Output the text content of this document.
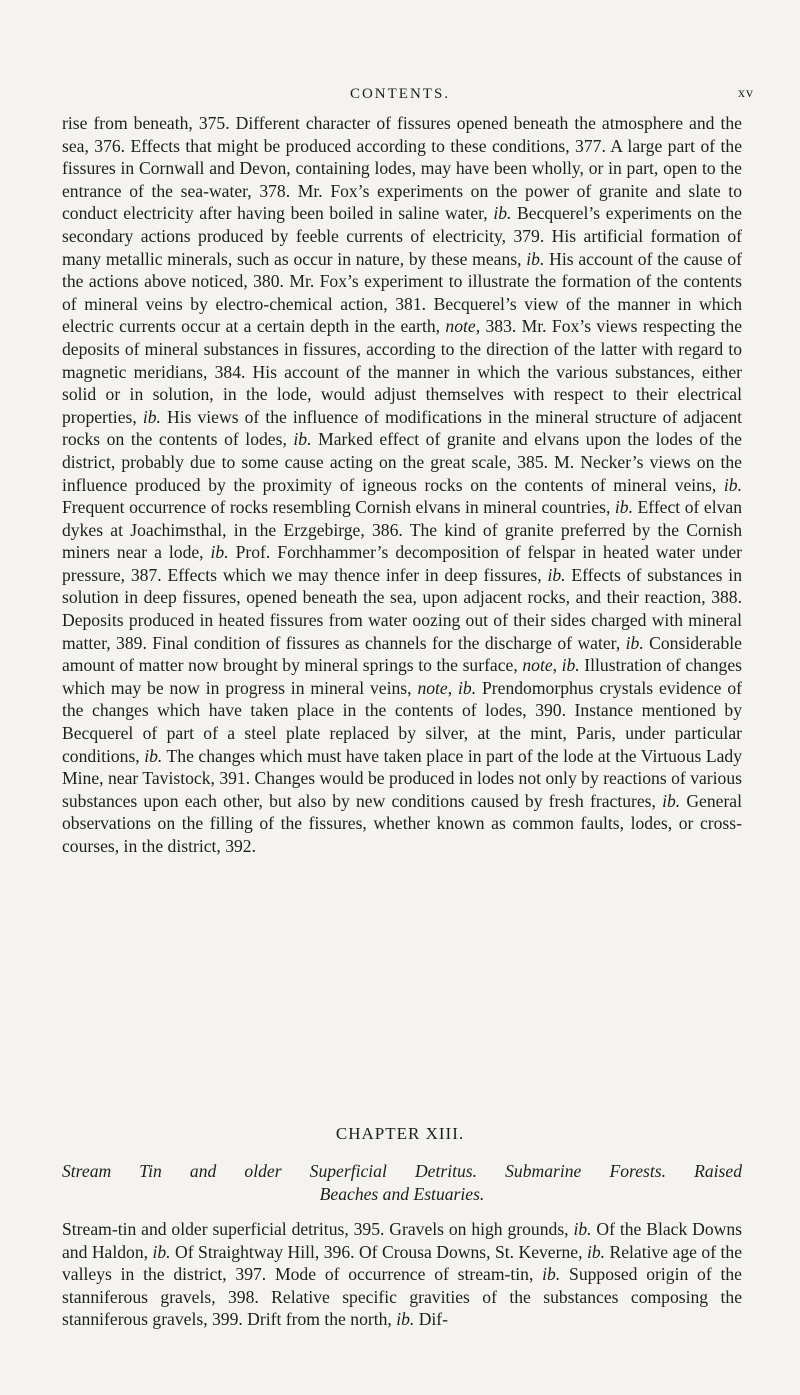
CONTENTS.	xv

rise from beneath, 375. Different character of fissures opened beneath the atmosphere and the sea, 376. Effects that might be produced according to these conditions, 377. A large part of the fissures in Cornwall and Devon, containing lodes, may have been wholly, or in part, open to the entrance of the sea-water, 378. Mr. Fox’s experiments on the power of granite and slate to conduct electricity after having been boiled in saline water, ib. Becquerel’s experiments on the secondary actions produced by feeble currents of electricity, 379. His artificial formation of many metallic minerals, such as occur in nature, by these means, ib. His account of the cause of the actions above noticed, 380. Mr. Fox’s experiment to illustrate the formation of the contents of mineral veins by electro-chemical action, 381. Becquerel’s view of the manner in which electric currents occur at a certain depth in the earth, note, 383. Mr. Fox’s views respecting the deposits of mineral substances in fissures, according to the direction of the latter with regard to magnetic meridians, 384. His account of the manner in which the various substances, either solid or in solution, in the lode, would adjust themselves with respect to their electrical properties, ib. His views of the influence of modifications in the mineral structure of adjacent rocks on the contents of lodes, ib. Marked effect of granite and elvans upon the lodes of the district, probably due to some cause acting on the great scale, 385. M. Necker’s views on the influence produced by the proximity of igneous rocks on the contents of mineral veins, ib. Frequent occurrence of rocks resembling Cornish elvans in mineral countries, ib. Effect of elvan dykes at Joachimsthal, in the Erzgebirge, 386. The kind of granite preferred by the Cornish miners near a lode, ib. Prof. Forchhammer’s decomposition of felspar in heated water under pressure, 387. Effects which we may thence infer in deep fissures, ib. Effects of substances in solution in deep fissures, opened beneath the sea, upon adjacent rocks, and their reaction, 388. Deposits produced in heated fissures from water oozing out of their sides charged with mineral matter, 389. Final condition of fissures as channels for the discharge of water, ib. Considerable amount of matter now brought by mineral springs to the surface, note, ib. Illustration of changes which may be now in progress in mineral veins, note, ib. Prendomorphus crystals evidence of the changes which have taken place in the contents of lodes, 390. Instance mentioned by Becquerel of part of a steel plate replaced by silver, at the mint, Paris, under particular conditions, ib. The changes which must have taken place in part of the lode at the Virtuous Lady Mine, near Tavistock, 391. Changes would be produced in lodes not only by reactions of various substances upon each other, but also by new conditions caused by fresh fractures, ib. General observations on the filling of the fissures, whether known as common faults, lodes, or cross-courses, in the district, 392.

CHAPTER XIII.

Stream Tin and older Superficial Detritus. Submarine Forests. Raised
Beaches and Estuaries.

Stream-tin and older superficial detritus, 395. Gravels on high grounds, ib. Of the Black Downs and Haldon, ib. Of Straightway Hill, 396. Of Crousa Downs, St. Keverne, ib. Relative age of the valleys in the district, 397. Mode of occurrence of stream-tin, ib. Supposed origin of the stanniferous gravels, 398. Relative specific gravities of the substances composing the stanniferous gravels, 399. Drift from the north, ib. Dif-
